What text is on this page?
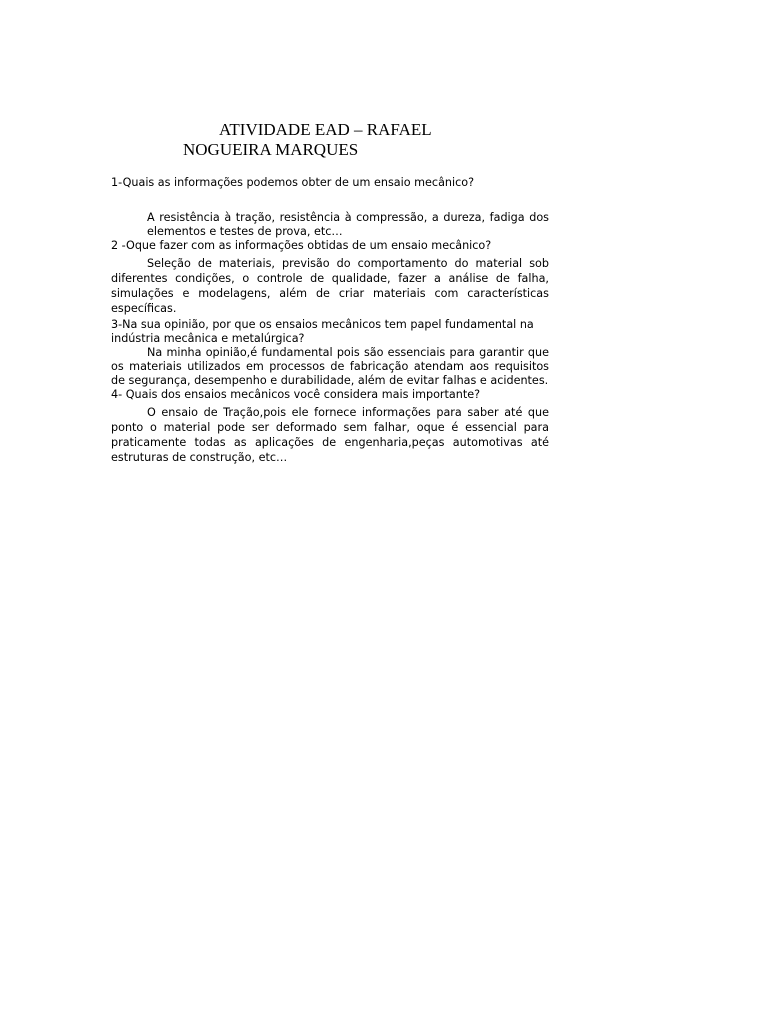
ATIVIDADE EAD – RAFAEL
NOGUEIRA MARQUES

1-Quais as informações podemos obter de um ensaio mecânico?

A resistência à tração, resistência à compressão, a dureza, fadiga dos elementos e testes de prova, etc…

2 -Oque fazer com as informações obtidas de um ensaio mecânico?

Seleção de materiais, previsão do comportamento do material sob diferentes condições, o controle de qualidade, fazer a análise de falha, simulações e modelagens, além de criar materiais com características específicas.

3-Na sua opinião, por que os ensaios mecânicos tem papel fundamental na indústria mecânica e metalúrgica?

Na minha opinião,é fundamental pois são essenciais para garantir que os materiais utilizados em processos de fabricação atendam aos requisitos de segurança, desempenho e durabilidade, além de evitar falhas e acidentes.

4- Quais dos ensaios mecânicos você considera mais importante?

O ensaio de Tração,pois ele fornece informações para saber até que ponto o material pode ser deformado sem falhar, oque é essencial para praticamente todas as aplicações de engenharia,peças automotivas até estruturas de construção, etc…
